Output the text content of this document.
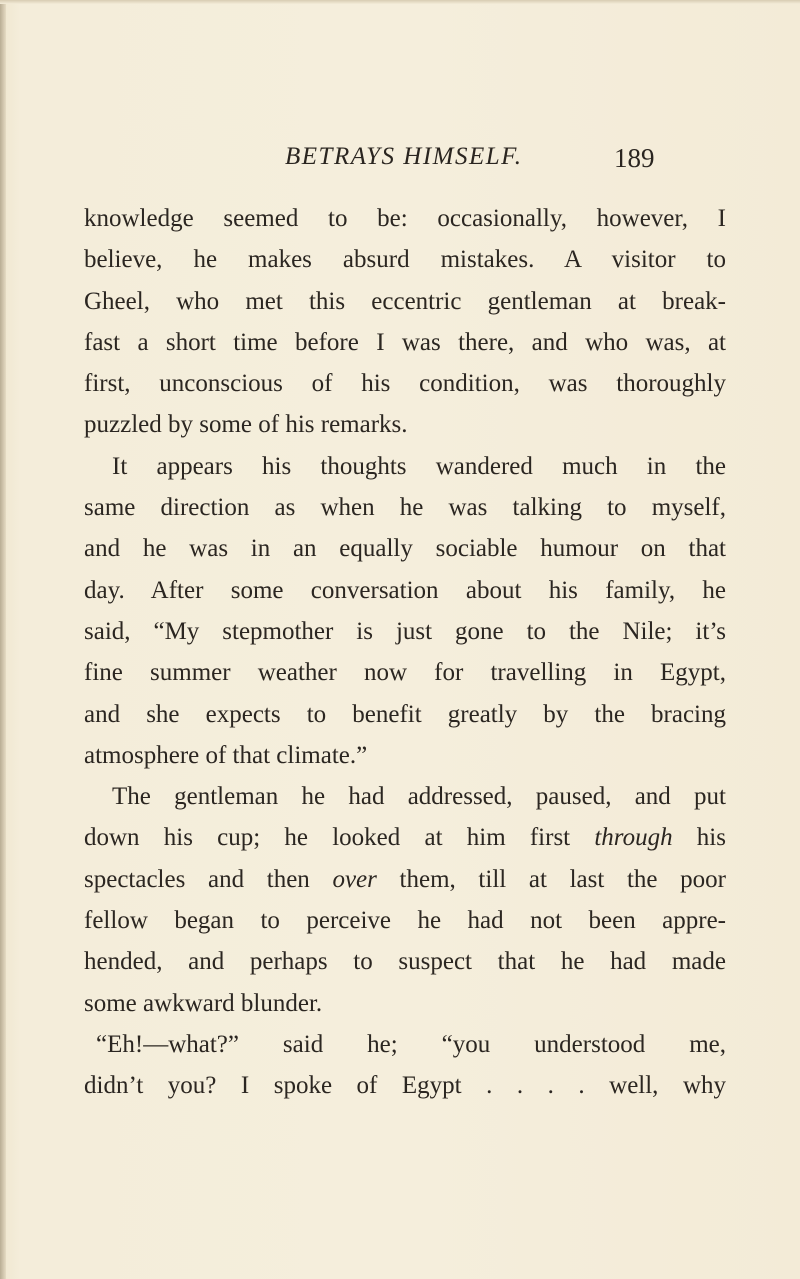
BETRAYS HIMSELF.	189
knowledge seemed to be: occasionally, however, I
believe, he makes absurd mistakes. A visitor to
Gheel, who met this eccentric gentleman at break-
fast a short time before I was there, and who was, at
first, unconscious of his condition, was thoroughly
puzzled by some of his remarks.
It appears his thoughts wandered much in the
same direction as when he was talking to myself,
and he was in an equally sociable humour on that
day. After some conversation about his family, he
said, “My stepmother is just gone to the Nile; it’s
fine summer weather now for travelling in Egypt,
and she expects to benefit greatly by the bracing
atmosphere of that climate.”
The gentleman he had addressed, paused, and put
down his cup; he looked at him first through his
spectacles and then over them, till at last the poor
fellow began to perceive he had not been appre-
hended, and perhaps to suspect that he had made
some awkward blunder.
“Eh!—what?” said he; “you understood me,
didn’t you? I spoke of Egypt . . . . well, why
